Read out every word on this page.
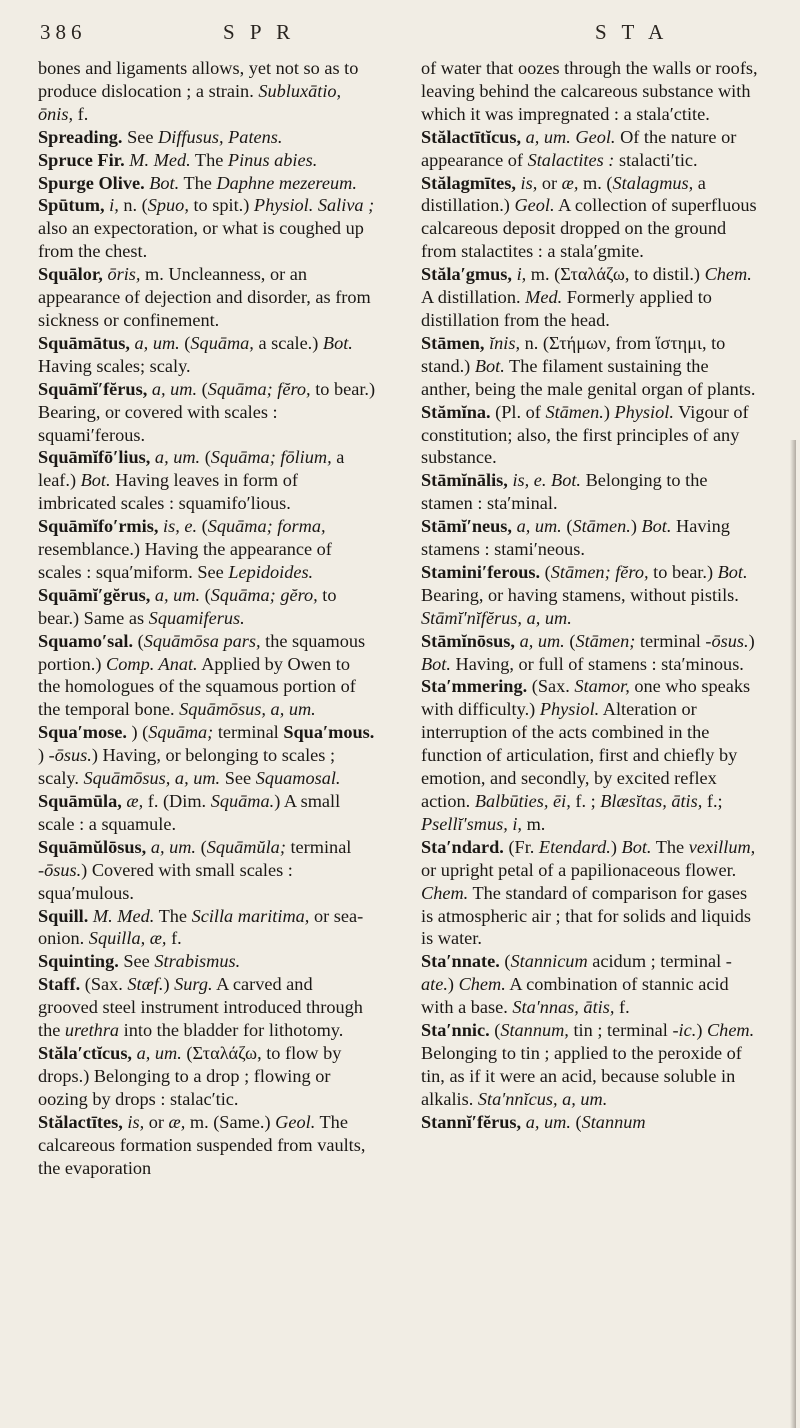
386	S P R	S T A
bones and ligaments allows, yet not so as to produce dislocation ; a strain. Subluxātio, ōnis, f.
Spreading. See Diffusus, Patens.
Spruce Fir. M. Med. The Pinus abies.
Spurge Olive. Bot. The Daphne mezereum.
Spūtum, i, n. (Spuo, to spit.) Physiol. Saliva ; also an expectoration, or what is coughed up from the chest.
Squālor, ōris, m. Uncleanness, or an appearance of dejection and disorder, as from sickness or confinement.
Squāmātus, a, um. (Squāma, a scale.) Bot. Having scales; scaly.
Squāmĭ′fĕrus, a, um. (Squāma; fĕro, to bear.) Bearing, or covered with scales : squami′ferous.
Squāmĭfō′lius, a, um. (Squāma; fōlium, a leaf.) Bot. Having leaves in form of imbricated scales : squamifo′lious.
Squāmĭfo′rmis, is, e. (Squāma; forma, resemblance.) Having the appearance of scales : squa′miform. See Lepidoides.
Squāmĭ′gĕrus, a, um. (Squāma; gĕro, to bear.) Same as Squamiferus.
Squamo′sal. (Squāmōsa pars, the squamous portion.) Comp. Anat. Applied by Owen to the homologues of the squamous portion of the temporal bone. Squāmōsus, a, um.
Squa′mose. ) (Squāma; terminal Squa′mous. ) -ōsus.) Having, or belonging to scales ; scaly. Squāmōsus, a, um. See Squamosal.
Squāmūla, æ, f. (Dim. Squāma.) A small scale : a squamule.
Squāmŭlōsus, a, um. (Squāmŭla; terminal -ōsus.) Covered with small scales : squa′mulous.
Squill. M. Med. The Scilla maritima, or sea-onion. Squilla, æ, f.
Squinting. See Strabismus.
Staff. (Sax. Stæf.) Surg. A carved and grooved steel instrument introduced through the urethra into the bladder for lithotomy.
Stăla′ctĭcus, a, um. (Σταλάζω, to flow by drops.) Belonging to a drop ; flowing or oozing by drops : stalac′tic.
Stălactītes, is, or æ, m. (Same.) Geol. The calcareous formation suspended from vaults, the evaporation
of water that oozes through the walls or roofs, leaving behind the calcareous substance with which it was impregnated : a stala′ctite.
Stălactītĭcus, a, um. Geol. Of the nature or appearance of Stalactites : stalacti′tic.
Stălagmītes, is, or æ, m. (Stalagmus, a distillation.) Geol. A collection of superfluous calcareous deposit dropped on the ground from stalactites : a stala′gmite.
Stăla′gmus, i, m. (Σταλάζω, to distil.) Chem. A distillation. Med. Formerly applied to distillation from the head.
Stāmen, ĭnis, n. (Στήμων, from ἵστημι, to stand.) Bot. The filament sustaining the anther, being the male genital organ of plants.
Stămĭna. (Pl. of Stāmen.) Physiol. Vigour of constitution; also, the first principles of any substance.
Stāmĭnālis, is, e. Bot. Belonging to the stamen : sta′minal.
Stāmĭ′neus, a, um. (Stāmen.) Bot. Having stamens : stami′neous.
Stamini′ferous. (Stāmen; fĕro, to bear.) Bot. Bearing, or having stamens, without pistils. Stāmĭ′nĭfĕrus, a, um.
Stāmĭnōsus, a, um. (Stāmen; terminal -ōsus.) Bot. Having, or full of stamens : sta′minous.
Sta′mmering. (Sax. Stamor, one who speaks with difficulty.) Physiol. Alteration or interruption of the acts combined in the function of articulation, first and chiefly by emotion, and secondly, by excited reflex action. Balbūties, ēi, f. ; Blæsĭtas, ātis, f.; Psellĭ′smus, i, m.
Sta′ndard. (Fr. Etendard.) Bot. The vexillum, or upright petal of a papilionaceous flower. Chem. The standard of comparison for gases is atmospheric air ; that for solids and liquids is water.
Sta′nnate. (Stannicum acidum ; terminal -ate.) Chem. A combination of stannic acid with a base. Sta′nnas, ātis, f.
Sta′nnic. (Stannum, tin ; terminal -ic.) Chem. Belonging to tin ; applied to the peroxide of tin, as if it were an acid, because soluble in alkalis. Sta′nnĭcus, a, um.
Stannĭ′fĕrus, a, um. (Stannum
